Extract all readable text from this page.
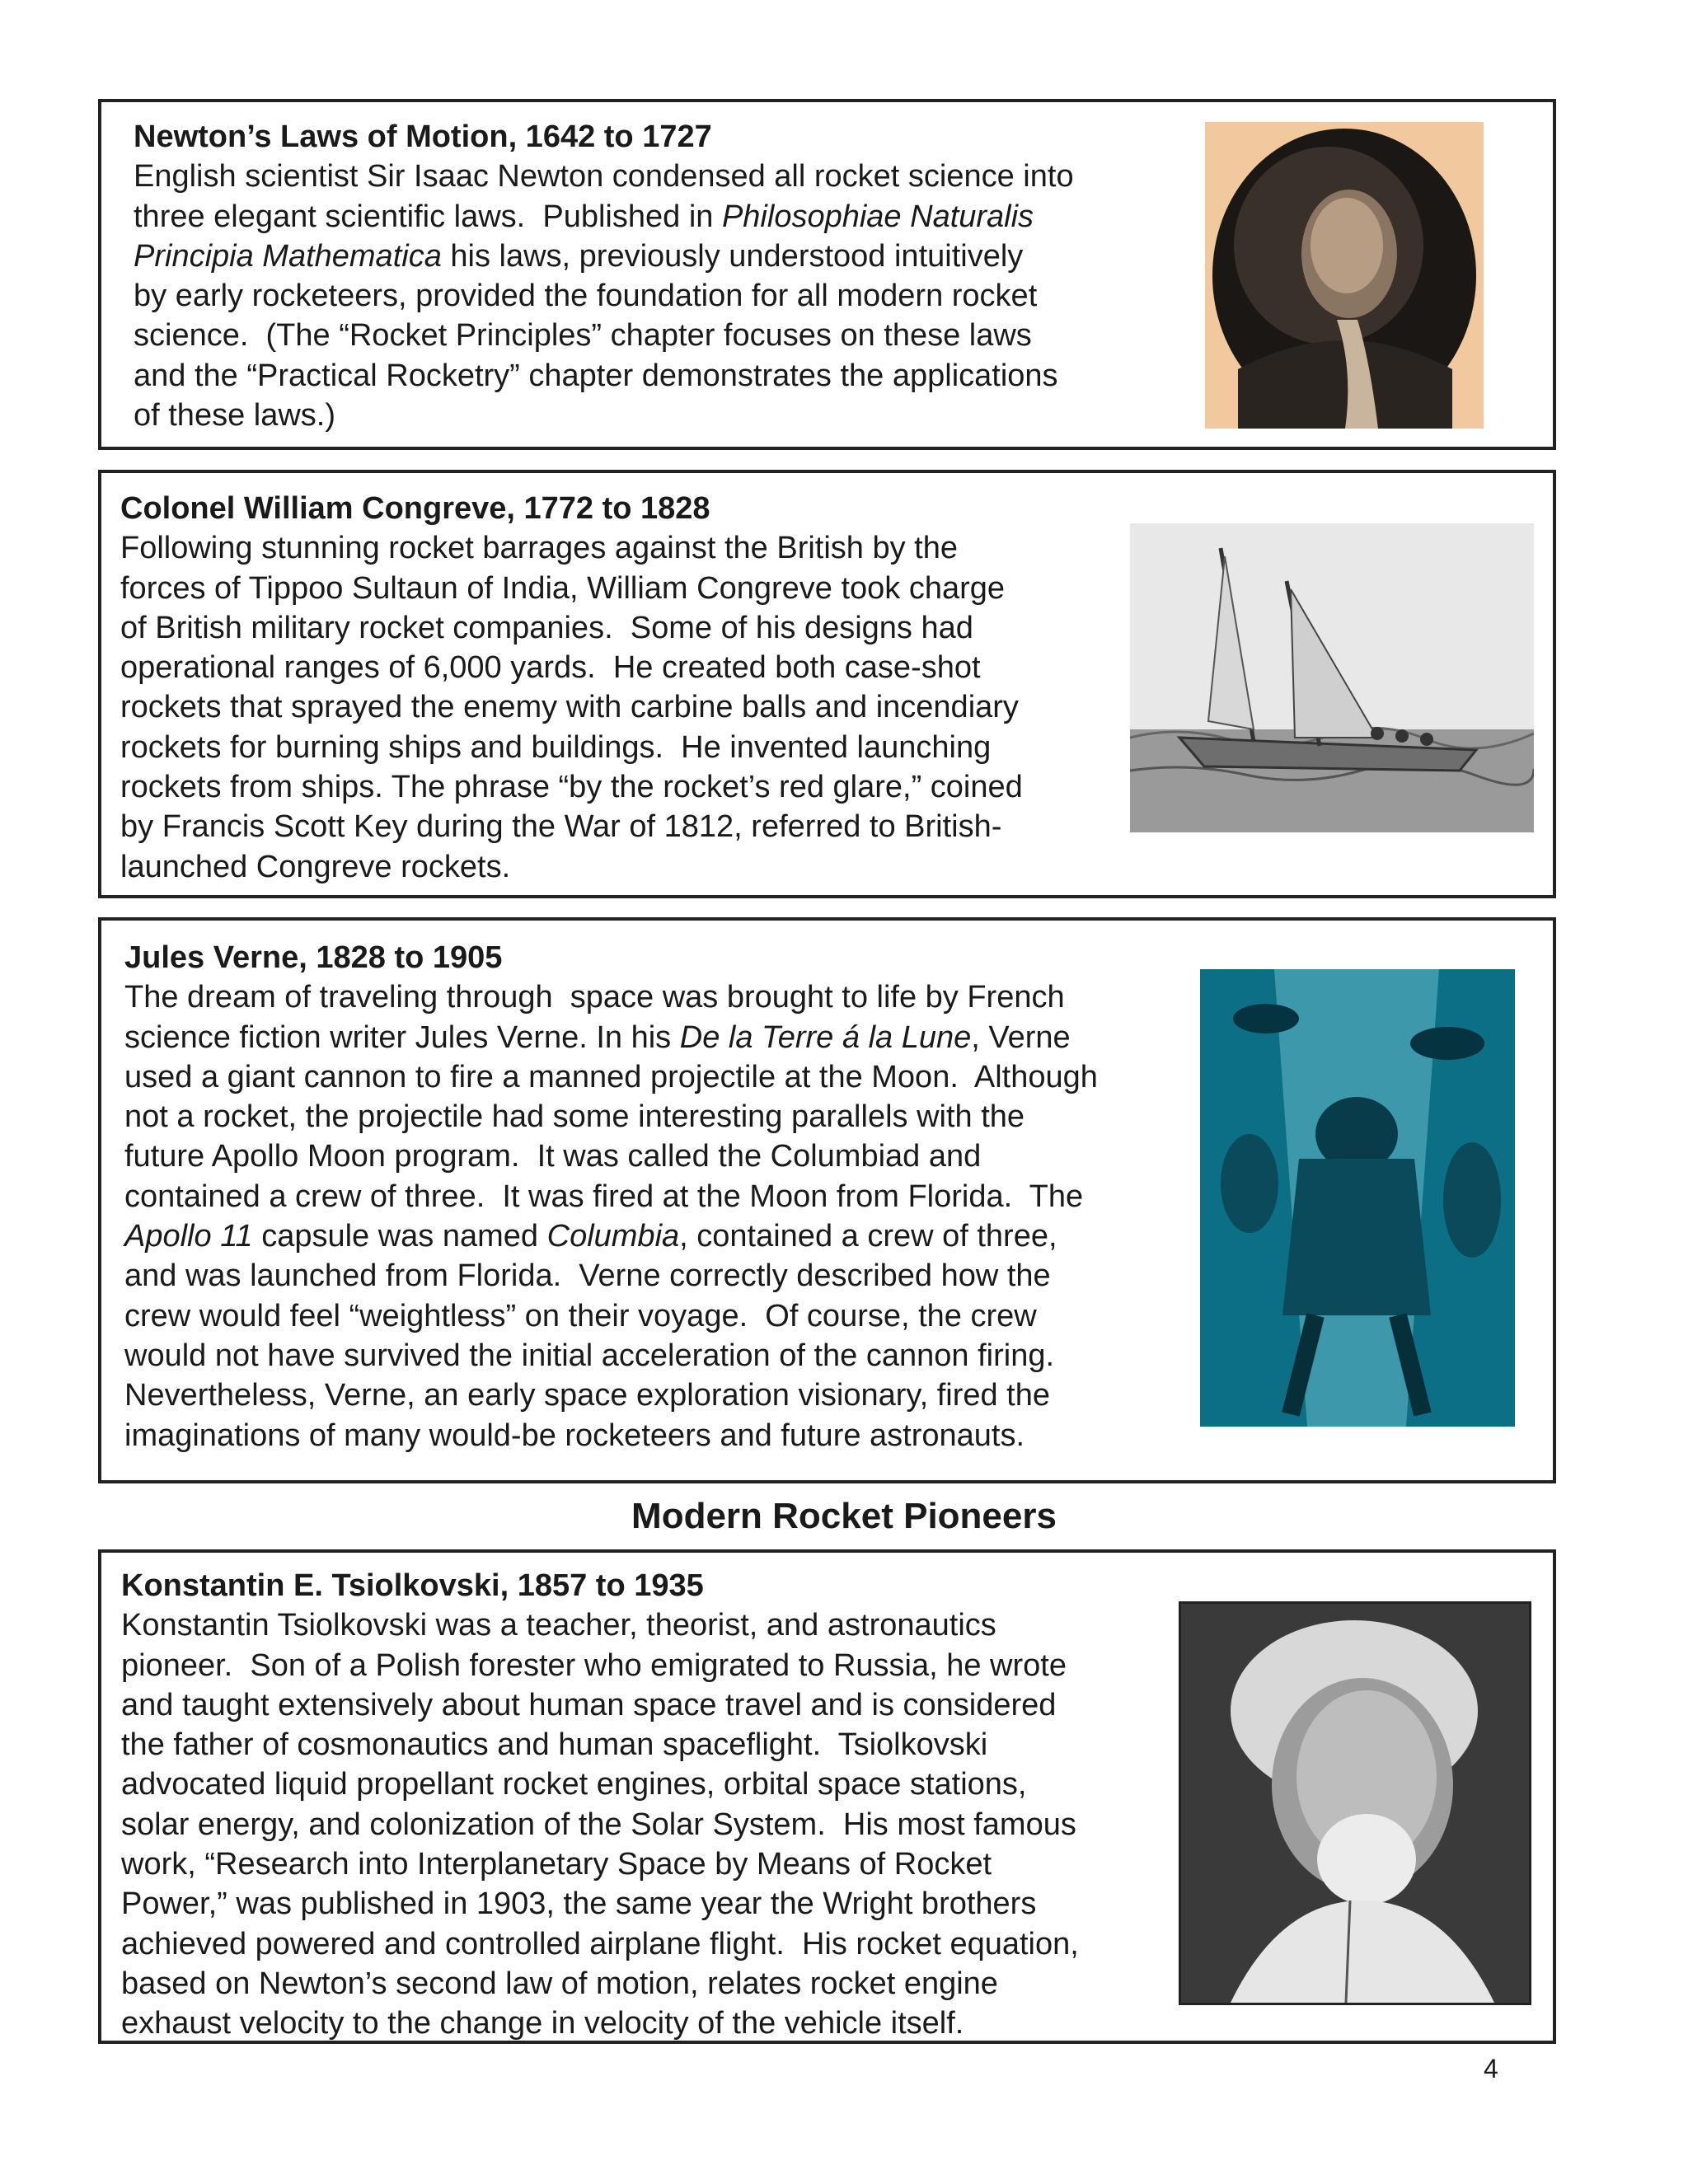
Newton’s Laws of Motion, 1642 to 1727

English scientist Sir Isaac Newton condensed all rocket science into
three elegant scientific laws.  Published in Philosophiae Naturalis
Principia Mathematica his laws, previously understood intuitively
by early rocketeers, provided the foundation for all modern rocket
science.  (The “Rocket Principles” chapter focuses on these laws
and the “Practical Rocketry” chapter demonstrates the applications
of these laws.)

Colonel William Congreve, 1772 to 1828

Following stunning rocket barrages against the British by the
forces of Tippoo Sultaun of India, William Congreve took charge
of British military rocket companies.  Some of his designs had
operational ranges of 6,000 yards.  He created both case-shot
rockets that sprayed the enemy with carbine balls and incendiary
rockets for burning ships and buildings.  He invented launching
rockets from ships. The phrase “by the rocket’s red glare,” coined
by Francis Scott Key during the War of 1812, referred to British-
launched Congreve rockets.

Jules Verne, 1828 to 1905

The dream of traveling through  space was brought to life by French
science fiction writer Jules Verne. In his De la Terre á la Lune, Verne
used a giant cannon to fire a manned projectile at the Moon.  Although
not a rocket, the projectile had some interesting parallels with the
future Apollo Moon program.  It was called the Columbiad and
contained a crew of three.  It was fired at the Moon from Florida.  The
Apollo 11 capsule was named Columbia, contained a crew of three,
and was launched from Florida.  Verne correctly described how the
crew would feel “weightless” on their voyage.  Of course, the crew
would not have survived the initial acceleration of the cannon firing.
Nevertheless, Verne, an early space exploration visionary, fired the
imaginations of many would-be rocketeers and future astronauts.

Modern Rocket Pioneers
Konstantin E. Tsiolkovski, 1857 to 1935

Konstantin Tsiolkovski was a teacher, theorist, and astronautics
pioneer.  Son of a Polish forester who emigrated to Russia, he wrote
and taught extensively about human space travel and is considered
the father of cosmonautics and human spaceflight.  Tsiolkovski
advocated liquid propellant rocket engines, orbital space stations,
solar energy, and colonization of the Solar System.  His most famous
work, “Research into Interplanetary Space by Means of Rocket
Power,” was published in 1903, the same year the Wright brothers
achieved powered and controlled airplane flight.  His rocket equation,
based on Newton’s second law of motion, relates rocket engine
exhaust velocity to the change in velocity of the vehicle itself.

4
